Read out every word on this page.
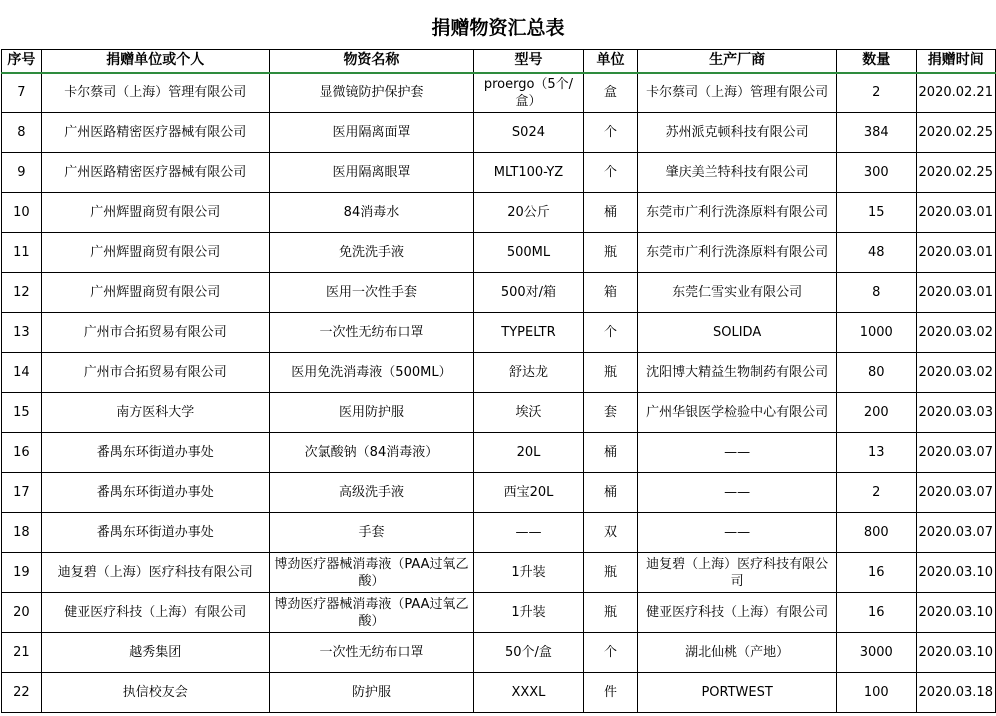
捐赠物资汇总表
序号	捐赠单位或个人	物资名称	型号	单位	生产厂商	数量	捐赠时间
7	卡尔蔡司（上海）管理有限公司	显微镜防护保护套	proergo（5个/盒）	盒	卡尔蔡司（上海）管理有限公司	2	2020.02.21
8	广州医路精密医疗器械有限公司	医用隔离面罩	S024	个	苏州派克顿科技有限公司	384	2020.02.25
9	广州医路精密医疗器械有限公司	医用隔离眼罩	MLT100-YZ	个	肇庆美兰特科技有限公司	300	2020.02.25
10	广州辉盟商贸有限公司	84消毒水	20公斤	桶	东莞市广利行洗涤原料有限公司	15	2020.03.01
11	广州辉盟商贸有限公司	免洗洗手液	500ML	瓶	东莞市广利行洗涤原料有限公司	48	2020.03.01
12	广州辉盟商贸有限公司	医用一次性手套	500对/箱	箱	东莞仁雪实业有限公司	8	2020.03.01
13	广州市合拓贸易有限公司	一次性无纺布口罩	TYPELTR	个	SOLIDA	1000	2020.03.02
14	广州市合拓贸易有限公司	医用免洗消毒液（500ML）	舒达龙	瓶	沈阳博大精益生物制药有限公司	80	2020.03.02
15	南方医科大学	医用防护服	埃沃	套	广州华银医学检验中心有限公司	200	2020.03.03
16	番禺东环街道办事处	次氯酸钠（84消毒液）	20L	桶	——	13	2020.03.07
17	番禺东环街道办事处	高级洗手液	西宝20L	桶	——	2	2020.03.07
18	番禺东环街道办事处	手套	——	双	——	800	2020.03.07
19	迪复碧（上海）医疗科技有限公司	博劲医疗器械消毒液（PAA过氧乙酸）	1升装	瓶	迪复碧（上海）医疗科技有限公司	16	2020.03.10
20	健亚医疗科技（上海）有限公司	博劲医疗器械消毒液（PAA过氧乙酸）	1升装	瓶	健亚医疗科技（上海）有限公司	16	2020.03.10
21	越秀集团	一次性无纺布口罩	50个/盒	个	湖北仙桃（产地）	3000	2020.03.10
22	执信校友会	防护服	XXXL	件	PORTWEST	100	2020.03.18
